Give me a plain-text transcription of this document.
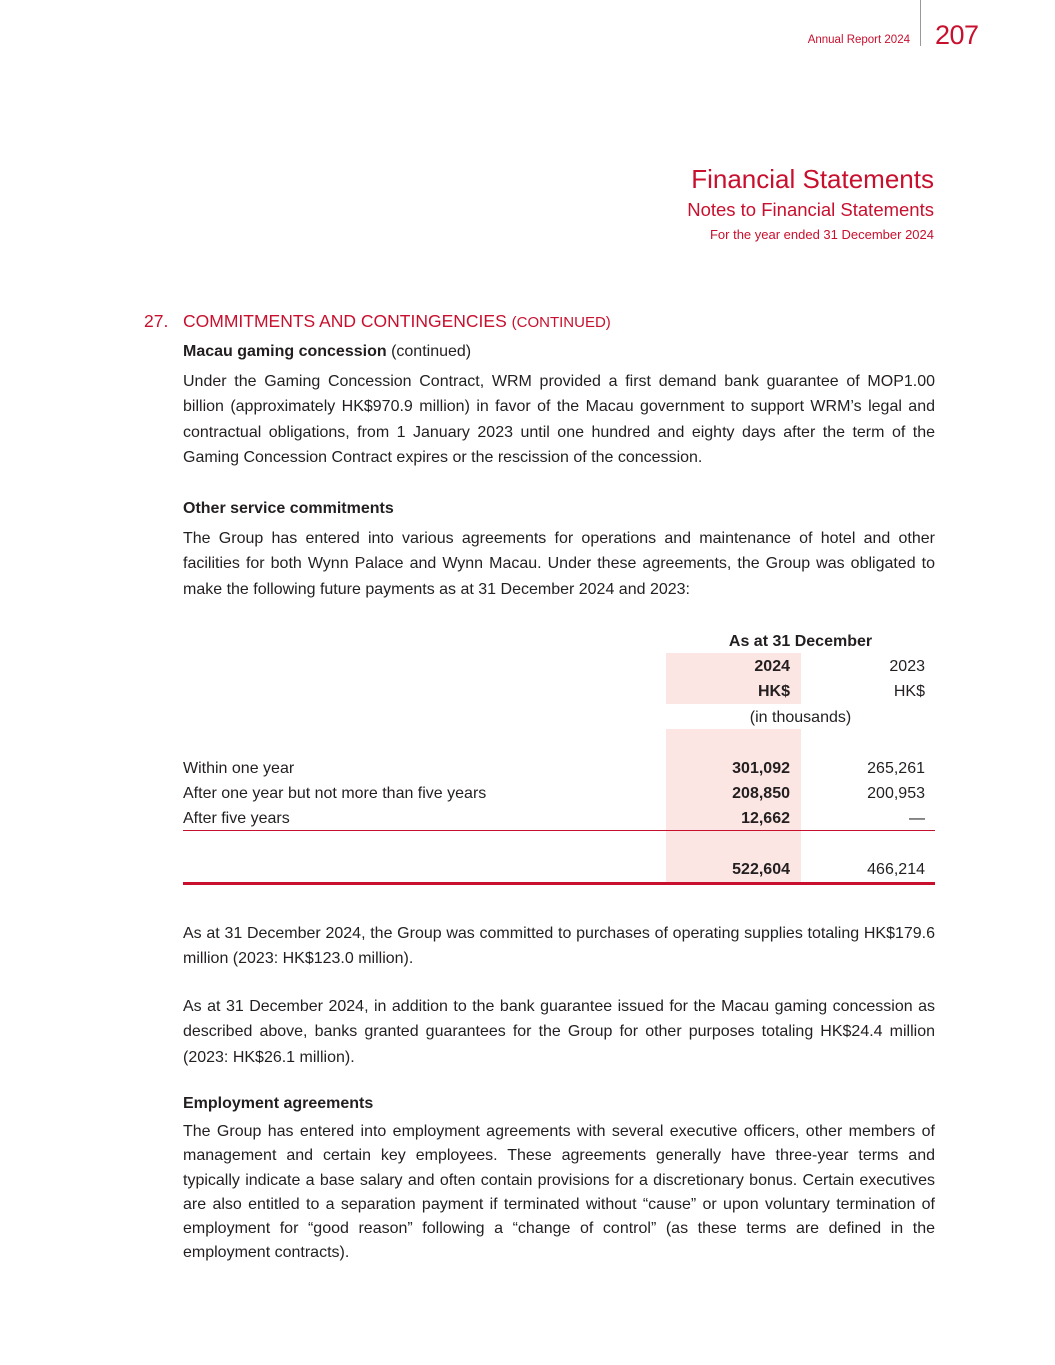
Annual Report 2024 207
Financial Statements
Notes to Financial Statements
For the year ended 31 December 2024
27. COMMITMENTS AND CONTINGENCIES (CONTINUED)
Macau gaming concession (continued)

Under the Gaming Concession Contract, WRM provided a first demand bank guarantee of MOP1.00 billion (approximately HK$970.9 million) in favor of the Macau government to support WRM’s legal and contractual obligations, from 1 January 2023 until one hundred and eighty days after the term of the Gaming Concession Contract expires or the rescission of the concession.

Other service commitments

The Group has entered into various agreements for operations and maintenance of hotel and other facilities for both Wynn Palace and Wynn Macau. Under these agreements, the Group was obligated to make the following future payments as at 31 December 2024 and 2023:

As at 31 December
2024	2023
HK$	HK$
(in thousands)
Within one year	301,092	265,261
After one year but not more than five years	208,850	200,953
After five years	12,662	—
522,604	466,214

As at 31 December 2024, the Group was committed to purchases of operating supplies totaling HK$179.6 million (2023: HK$123.0 million).

As at 31 December 2024, in addition to the bank guarantee issued for the Macau gaming concession as described above, banks granted guarantees for the Group for other purposes totaling HK$24.4 million (2023: HK$26.1 million).

Employment agreements

The Group has entered into employment agreements with several executive officers, other members of management and certain key employees. These agreements generally have three-year terms and typically indicate a base salary and often contain provisions for a discretionary bonus. Certain executives are also entitled to a separation payment if terminated without “cause” or upon voluntary termination of employment for “good reason” following a “change of control” (as these terms are defined in the employment contracts).
